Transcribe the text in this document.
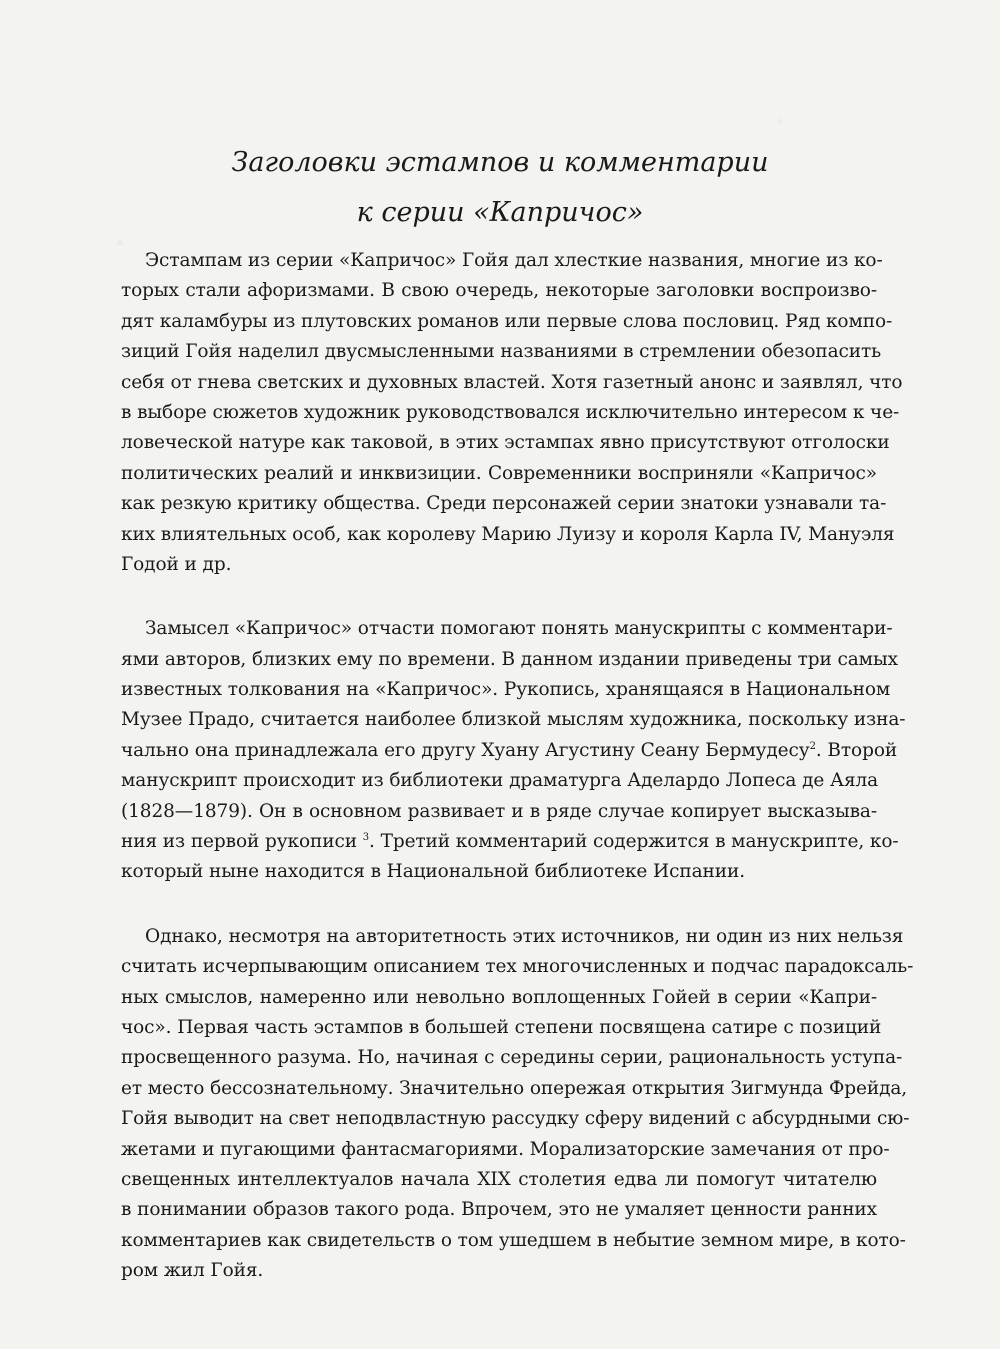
Заголовки эстампов и комментарии
к серии «Капричос»
Эстампам из серии «Капричос» Гойя дал хлесткие названия, многие из ко-
торых стали афоризмами. В свою очередь, некоторые заголовки воспроизво-
дят каламбуры из плутовских романов или первые слова пословиц. Ряд компо-
зиций Гойя наделил двусмысленными названиями в стремлении обезопасить
себя от гнева светских и духовных властей. Хотя газетный анонс и заявлял, что
в выборе сюжетов художник руководствовался исключительно интересом к че-
ловеческой натуре как таковой, в этих эстампах явно присутствуют отголоски
политических реалий и инквизиции. Современники восприняли «Капричос»
как резкую критику общества. Среди персонажей серии знатоки узнавали та-
ких влиятельных особ, как королеву Марию Луизу и короля Карла IV, Мануэля
Годой и др.
Замысел «Капричос» отчасти помогают понять манускрипты с комментари-
ями авторов, близких ему по времени. В данном издании приведены три самых
известных толкования на «Капричос». Рукопись, хранящаяся в Национальном
Музее Прадо, считается наиболее близкой мыслям художника, поскольку изна-
чально она принадлежала его другу Хуану Агустину Сеану Бермудесу$^2$. Второй
манускрипт происходит из библиотеки драматурга Аделардо Лопеса де Аяла
(1828—1879). Он в основном развивает и в ряде случае копирует высказыва-
ния из первой рукописи $^3$. Третий комментарий содержится в манускрипте, ко-
который ныне находится в Национальной библиотеке Испании.
Однако, несмотря на авторитетность этих источников, ни один из них нельзя
считать исчерпывающим описанием тех многочисленных и подчас парадоксаль-
ных смыслов, намеренно или невольно воплощенных Гойей в серии «Капри-
чос». Первая часть эстампов в большей степени посвящена сатире с позиций
просвещенного разума. Но, начиная с середины серии, рациональность уступа-
ет место бессознательному. Значительно опережая открытия Зигмунда Фрейда,
Гойя выводит на свет неподвластную рассудку сферу видений с абсурдными сю-
жетами и пугающими фантасмагориями. Морализаторские замечания от про-
свещенных интеллектуалов начала XIX столетия едва ли помогут читателю
в понимании образов такого рода. Впрочем, это не умаляет ценности ранних
комментариев как свидетельств о том ушедшем в небытие земном мире, в кото-
ром жил Гойя.
